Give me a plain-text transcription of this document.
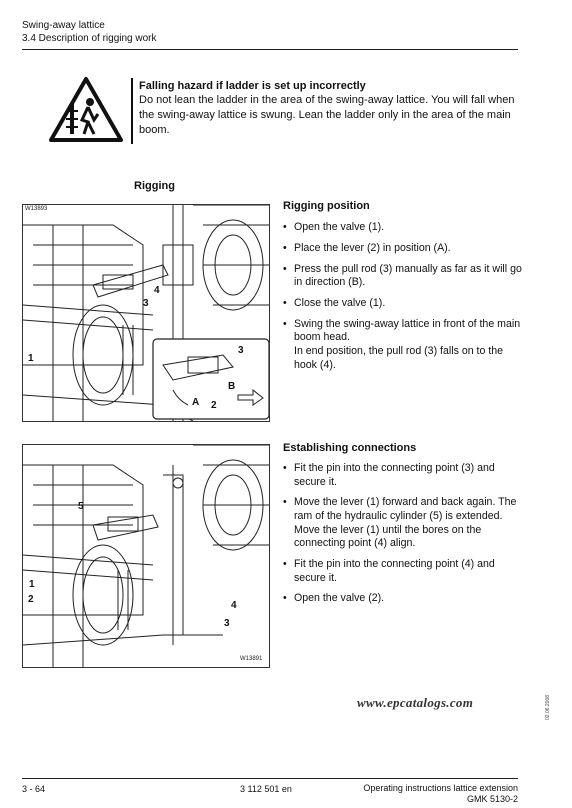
Swing-away lattice
3.4 Description of rigging work
Falling hazard if ladder is set up incorrectly
Do not lean the ladder in the area of the swing-away lattice. You will fall when the swing-away lattice is swung. Lean the ladder only in the area of the main boom.
Rigging
W13893
4
3
1
3
B
A 2
Rigging position
• Open the valve (1).
• Place the lever (2) in position (A).
• Press the pull rod (3) manually as far as it will go in direction (B).
• Close the valve (1).
• Swing the swing-away lattice in front of the main boom head.
In end position, the pull rod (3) falls on to the hook (4).
W13891
5
1
2
4
3
Establishing connections
• Fit the pin into the connecting point (3) and secure it.
• Move the lever (1) forward and back again. The ram of the hydraulic cylinder (5) is extended. Move the lever (1) until the bores on the connecting point (4) align.
• Fit the pin into the connecting point (4) and secure it.
• Open the valve (2).
02.06.2008
www.epcatalogs.com
3 - 64	3 112 501 en	Operating instructions lattice extension
GMK 5130-2
